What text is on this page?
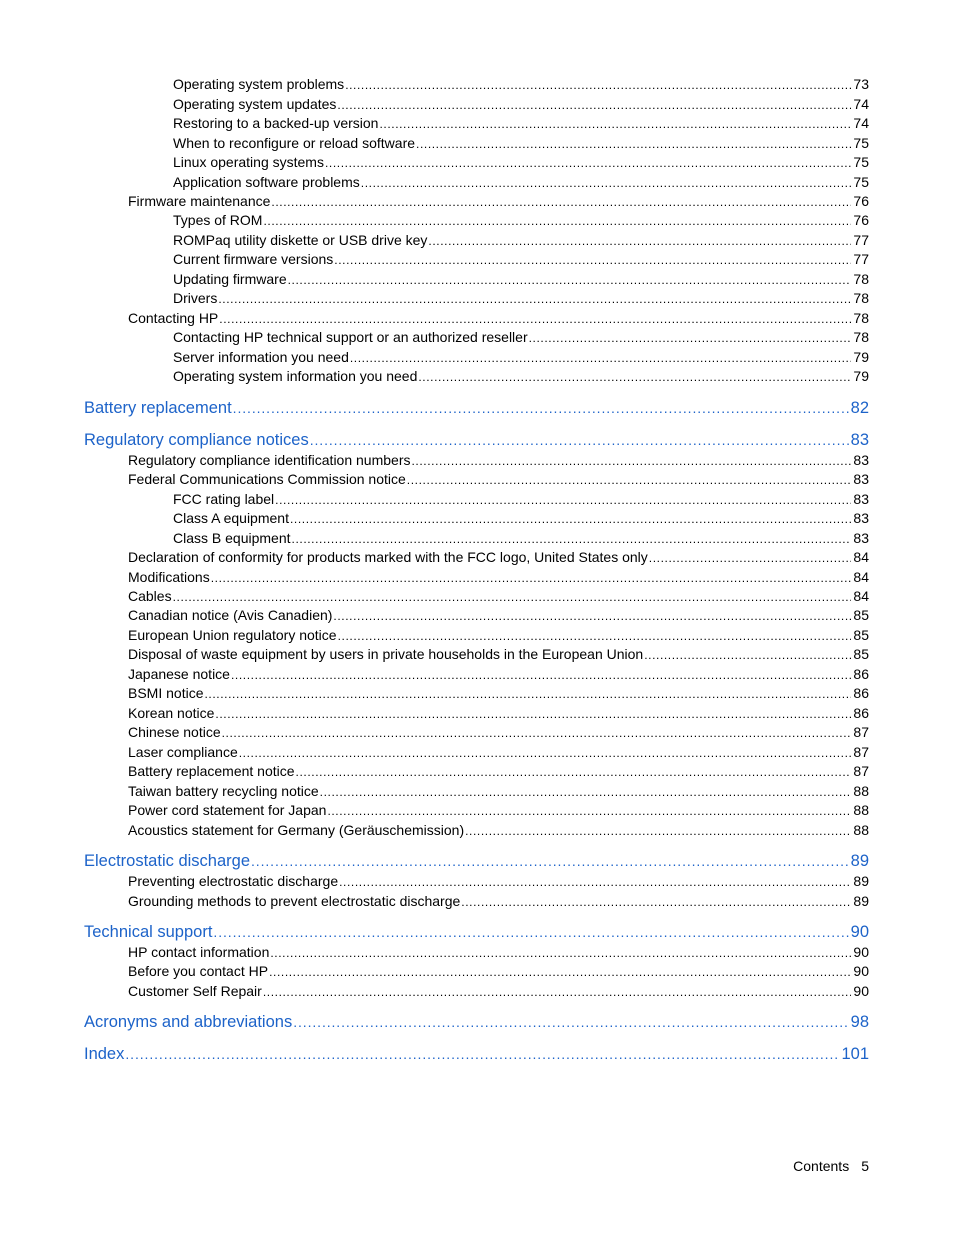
Operating system problems .....	73
Operating system updates .....	74
Restoring to a backed-up version .....	74
When to reconfigure or reload software .....	75
Linux operating systems .....	75
Application software problems .....	75
Firmware maintenance .....	76
Types of ROM .....	76
ROMPaq utility diskette or USB drive key .....	77
Current firmware versions .....	77
Updating firmware .....	78
Drivers .....	78
Contacting HP .....	78
Contacting HP technical support or an authorized reseller .....	78
Server information you need .....	79
Operating system information you need .....	79
Battery replacement .....	82
Regulatory compliance notices .....	83
Regulatory compliance identification numbers .....	83
Federal Communications Commission notice .....	83
FCC rating label .....	83
Class A equipment .....	83
Class B equipment .....	83
Declaration of conformity for products marked with the FCC logo, United States only .....	84
Modifications .....	84
Cables .....	84
Canadian notice (Avis Canadien) .....	85
European Union regulatory notice .....	85
Disposal of waste equipment by users in private households in the European Union .....	85
Japanese notice .....	86
BSMI notice .....	86
Korean notice .....	86
Chinese notice .....	87
Laser compliance .....	87
Battery replacement notice .....	87
Taiwan battery recycling notice .....	88
Power cord statement for Japan .....	88
Acoustics statement for Germany (Geräuschemission) .....	88
Electrostatic discharge .....	89
Preventing electrostatic discharge .....	89
Grounding methods to prevent electrostatic discharge .....	89
Technical support .....	90
HP contact information .....	90
Before you contact HP .....	90
Customer Self Repair .....	90
Acronyms and abbreviations .....	98
Index .....	101
Contents 5
